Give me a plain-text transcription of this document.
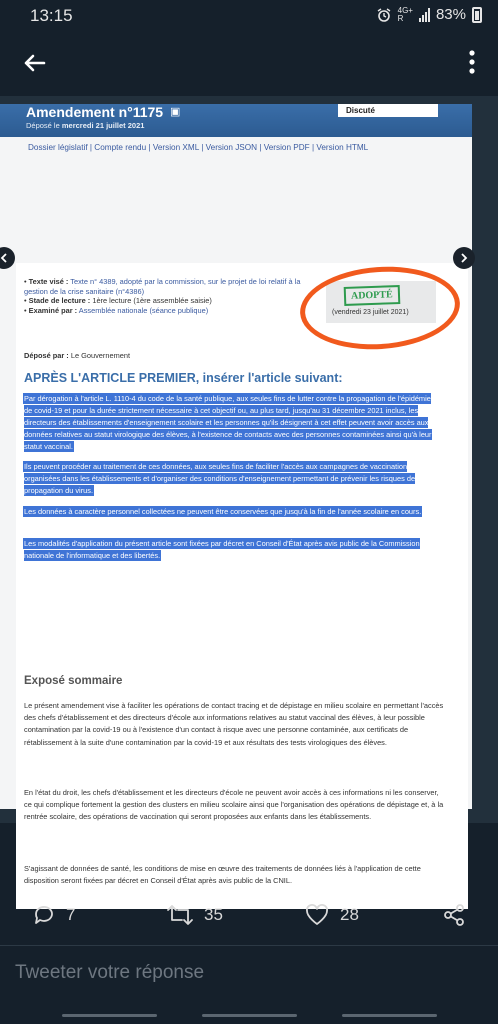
13:15	4G+
R	83%
Amendement n°1175 ▣
Déposé le mercredi 21 juillet 2021
Discuté
Dossier législatif | Compte rendu | Version XML | Version JSON | Version PDF | Version HTML
• Texte visé : Texte n° 4389, adopté par la commission, sur le projet de loi relatif à la gestion de la crise sanitaire (n°4386)
• Stade de lecture : 1ère lecture (1ère assemblée saisie)
• Examiné par : Assemblée nationale (séance publique)
ADOPTÉ
(vendredi 23 juillet 2021)
Déposé par : Le Gouvernement
APRÈS L'ARTICLE PREMIER, insérer l'article suivant:
Par dérogation à l'article L. 1110-4 du code de la santé publique, aux seules fins de lutter contre la propagation de l'épidémie de covid-19 et pour la durée strictement nécessaire à cet objectif ou, au plus tard, jusqu'au 31 décembre 2021 inclus, les directeurs des établissements d'enseignement scolaire et les personnes qu'ils désignent à cet effet peuvent avoir accès aux données relatives au statut virologique des élèves, à l'existence de contacts avec des personnes contaminées ainsi qu'à leur statut vaccinal.
Ils peuvent procéder au traitement de ces données, aux seules fins de faciliter l'accès aux campagnes de vaccination organisées dans les établissements et d'organiser des conditions d'enseignement permettant de prévenir les risques de propagation du virus.
Les données à caractère personnel collectées ne peuvent être conservées que jusqu'à la fin de l'année scolaire en cours.
Les modalités d'application du présent article sont fixées par décret en Conseil d'État après avis public de la Commission nationale de l'informatique et des libertés.
Exposé sommaire
Le présent amendement vise à faciliter les opérations de contact tracing et de dépistage en milieu scolaire en permettant l'accès des chefs d'établissement et des directeurs d'école aux informations relatives au statut vaccinal des élèves, à leur possible contamination par la covid-19 ou à l'existence d'un contact à risque avec une personne contaminée, aux certificats de rétablissement à la suite d'une contamination par la covid-19 et aux résultats des tests virologiques des élèves.
En l'état du droit, les chefs d'établissement et les directeurs d'école ne peuvent avoir accès à ces informations ni les conserver, ce qui complique fortement la gestion des clusters en milieu scolaire ainsi que l'organisation des opérations de dépistage et, à la rentrée scolaire, des opérations de vaccination qui seront proposées aux enfants dans les établissements.
S'agissant de données de santé, les conditions de mise en œuvre des traitements de données liés à l'application de cette disposition seront fixées par décret en Conseil d'État après avis public de la CNIL.
7	35	28
Tweeter votre réponse
